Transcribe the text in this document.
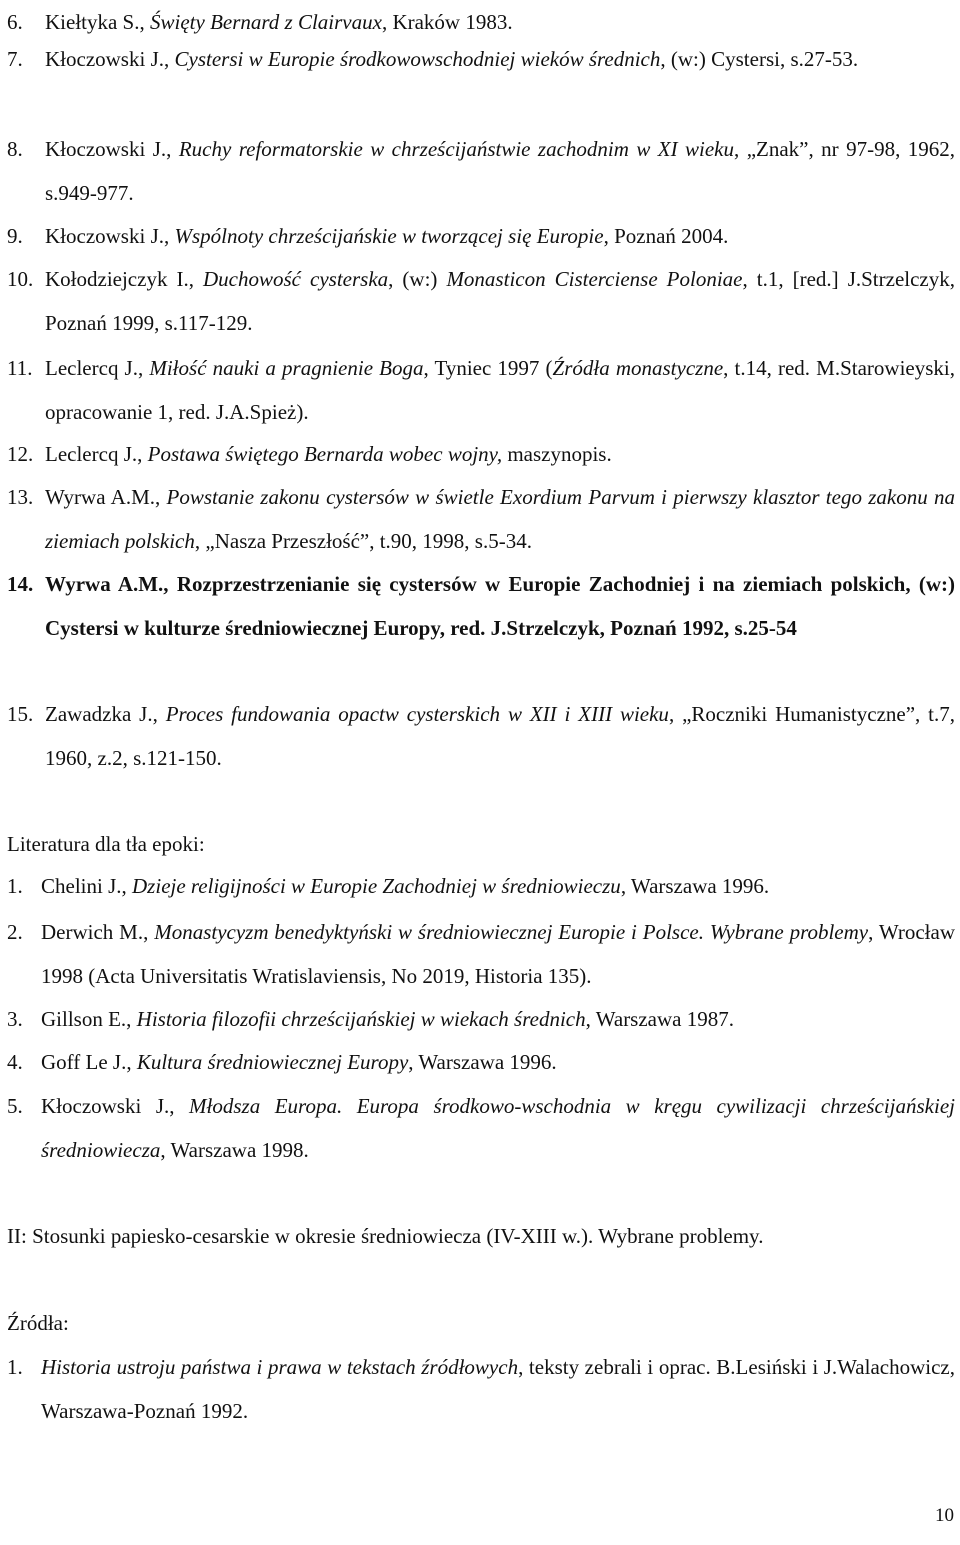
6. Kiełtyka S., Święty Bernard z Clairvaux, Kraków 1983.
7. Kłoczowski J., Cystersi w Europie środkowowschodniej wieków średnich, (w:) Cystersi, s.27-53.
8. Kłoczowski J., Ruchy reformatorskie w chrześcijaństwie zachodnim w XI wieku, „Znak”, nr 97-98, 1962, s.949-977.
9. Kłoczowski J., Wspólnoty chrześcijańskie w tworzącej się Europie, Poznań 2004.
10. Kołodziejczyk I., Duchowość cysterska, (w:) Monasticon Cisterciense Poloniae, t.1, [red.] J.Strzelczyk, Poznań 1999, s.117-129.
11. Leclercq J., Miłość nauki a pragnienie Boga, Tyniec 1997 (Źródła monastyczne, t.14, red. M.Starowieyski, opracowanie 1, red. J.A.Spież).
12. Leclercq J., Postawa świętego Bernarda wobec wojny, maszynopis.
13. Wyrwa A.M., Powstanie zakonu cystersów w świetle Exordium Parvum i pierwszy klasztor tego zakonu na ziemiach polskich, „Nasza Przeszłość”, t.90, 1998, s.5-34.
14. Wyrwa A.M., Rozprzestrzenianie się cystersów w Europie Zachodniej i na ziemiach polskich, (w:) Cystersi w kulturze średniowiecznej Europy, red. J.Strzelczyk, Poznań 1992, s.25-54
15. Zawadzka J., Proces fundowania opactw cysterskich w XII i XIII wieku, „Roczniki Humanistyczne”, t.7, 1960, z.2, s.121-150.
Literatura dla tła epoki:
1. Chelini J., Dzieje religijności w Europie Zachodniej w średniowieczu, Warszawa 1996.
2. Derwich M., Monastycyzm benedyktyński w średniowiecznej Europie i Polsce. Wybrane problemy, Wrocław 1998 (Acta Universitatis Wratislaviensis, No 2019, Historia 135).
3. Gillson E., Historia filozofii chrześcijańskiej w wiekach średnich, Warszawa 1987.
4. Goff Le J., Kultura średniowiecznej Europy, Warszawa 1996.
5. Kłoczowski J., Młodsza Europa. Europa środkowo-wschodnia w kręgu cywilizacji chrześcijańskiej średniowiecza, Warszawa 1998.
II: Stosunki papiesko-cesarskie w okresie średniowiecza (IV-XIII w.). Wybrane problemy.
Źródła:
1. Historia ustroju państwa i prawa w tekstach źródłowych, teksty zebrali i oprac. B.Lesiński i J.Walachowicz, Warszawa-Poznań 1992.
10
